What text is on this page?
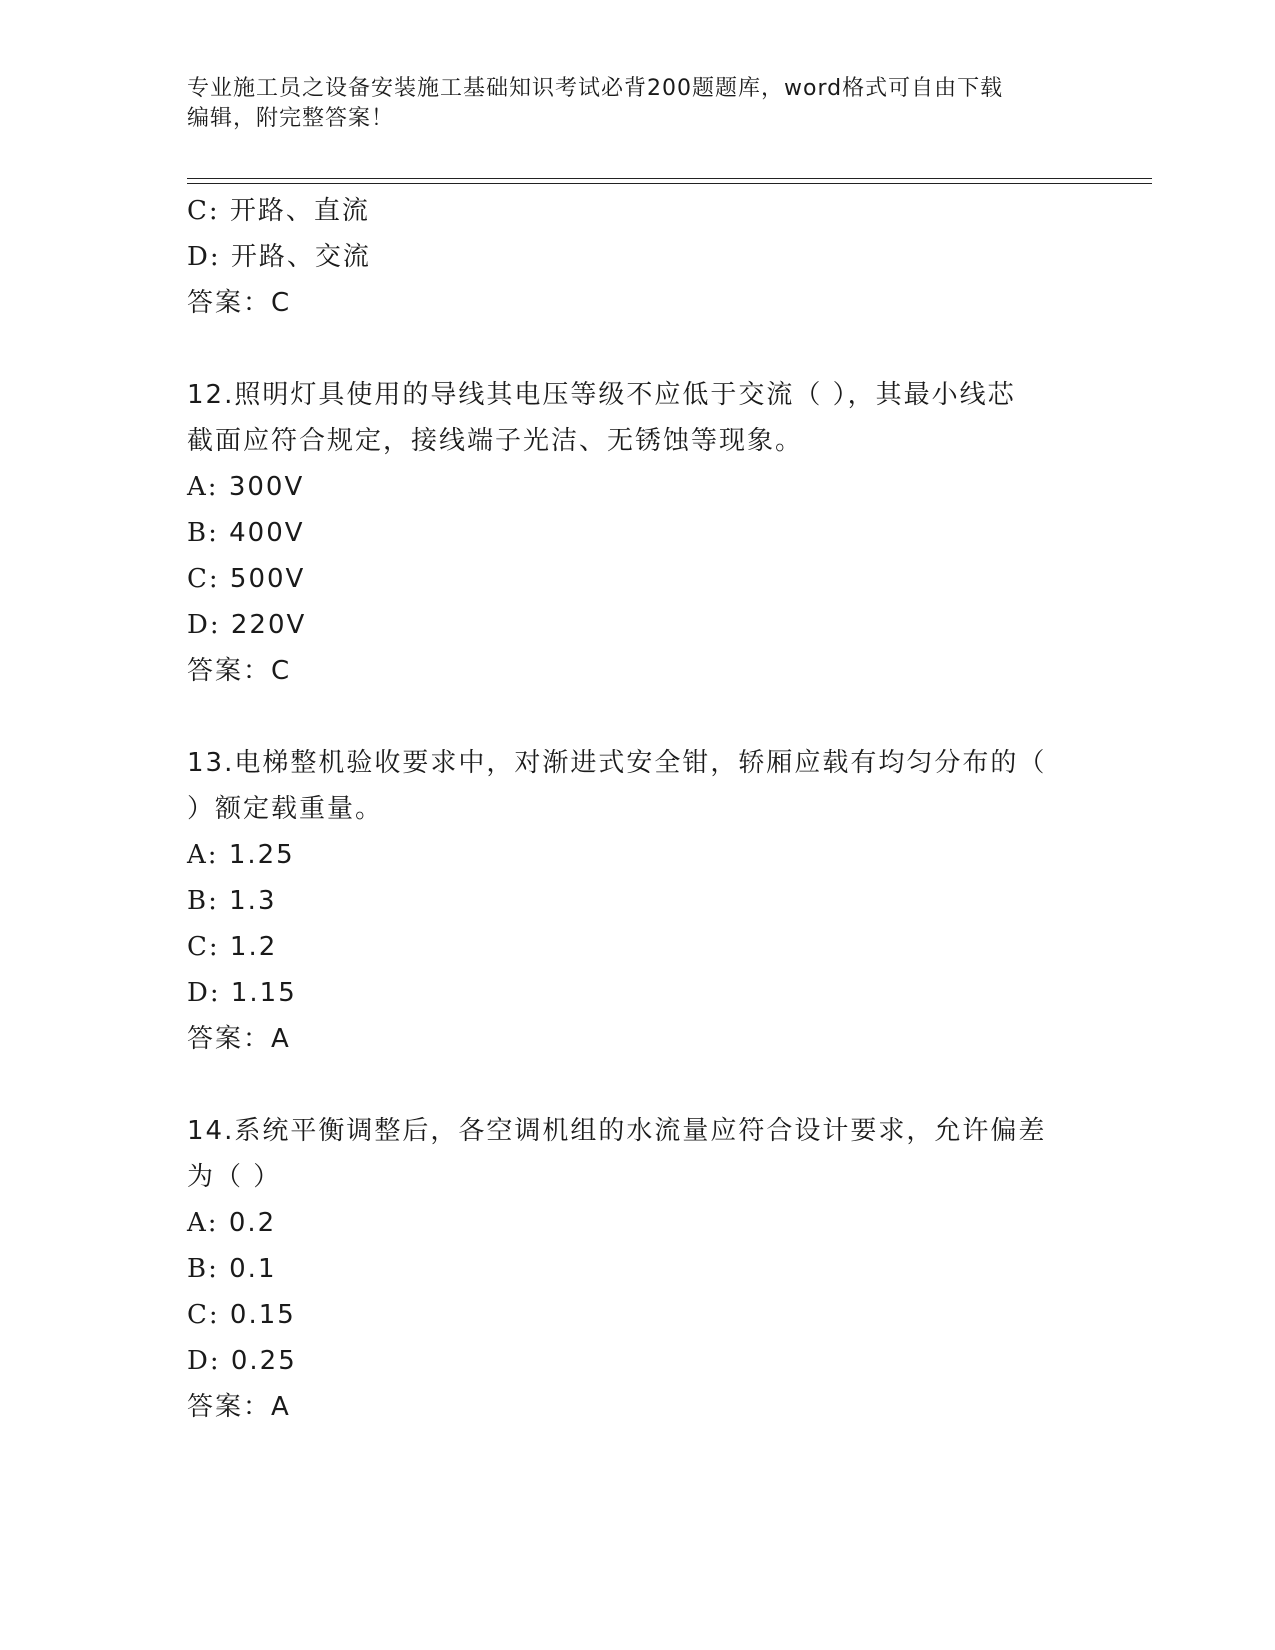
专业施工员之设备安装施工基础知识考试必背200题题库，word格式可自由下载
编辑，附完整答案！
C: 开路、直流
D: 开路、交流
答案：C
12.照明灯具使用的导线其电压等级不应低于交流（ ），其最小线芯
截面应符合规定，接线端子光洁、无锈蚀等现象。
A: 300V
B: 400V
C: 500V
D: 220V
答案：C
13.电梯整机验收要求中，对渐进式安全钳，轿厢应载有均匀分布的（
）额定载重量。
A: 1.25
B: 1.3
C: 1.2
D: 1.15
答案：A
14.系统平衡调整后，各空调机组的水流量应符合设计要求，允许偏差
为（ ）
A: 0.2
B: 0.1
C: 0.15
D: 0.25
答案：A
